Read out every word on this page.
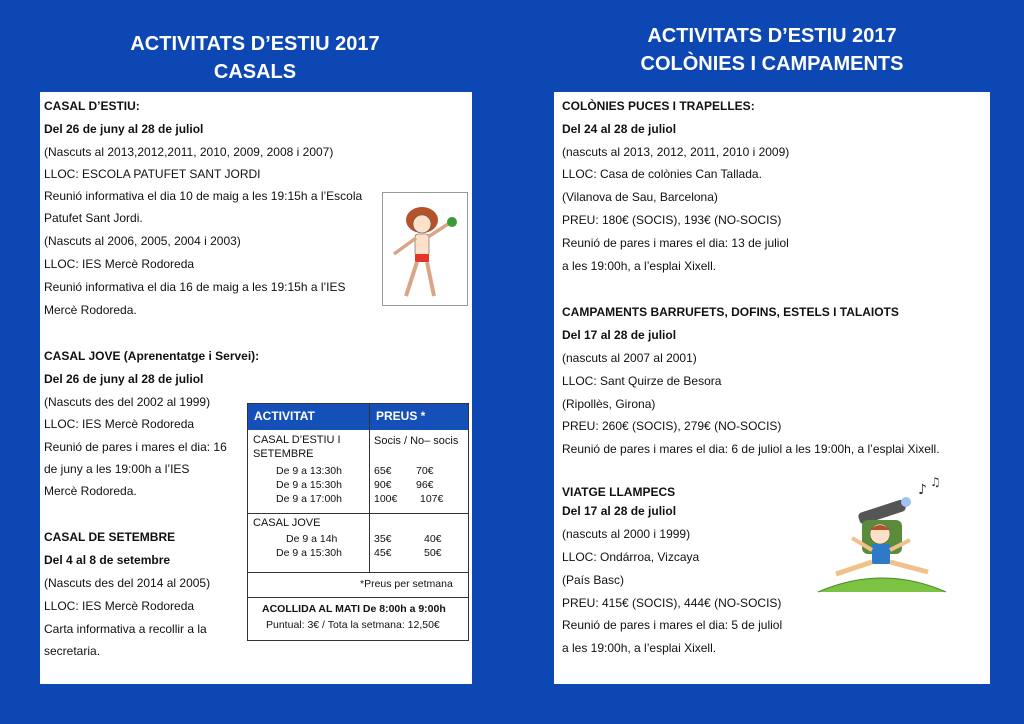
ACTIVITATS D’ESTIU 2017
CASALS
ACTIVITATS D’ESTIU 2017
COLÒNIES I CAMPAMENTS
CASAL D’ESTIU:
Del 26 de juny al 28 de juliol
(Nascuts al 2013,2012,2011, 2010, 2009, 2008 i 2007)
LLOC: ESCOLA PATUFET SANT JORDI
Reunió informativa el dia 10 de maig a les 19:15h a l’Escola
Patufet Sant Jordi.
(Nascuts al 2006, 2005, 2004 i 2003)
LLOC: IES Mercè Rodoreda
Reunió informativa el dia 16 de maig a les 19:15h a l’IES
Mercè Rodoreda.
CASAL JOVE (Aprenentatge i Servei):
Del 26 de juny al 28 de juliol
(Nascuts des del 2002 al 1999)
LLOC: IES Mercè Rodoreda
Reunió de pares i mares el dia: 16
de juny a les 19:00h a l’IES
Mercè Rodoreda.
CASAL DE SETEMBRE
Del 4 al 8 de setembre
(Nascuts des del 2014 al 2005)
LLOC: IES Mercè Rodoreda
Carta informativa a recollir a la
secretaria.
ACTIVITAT	PREUS *
CASAL D’ESTIU I
SETEMBRE
Socis / No– socis
De 9 a 13:30h	65€ 70€
De 9 a 15:30h	90€ 96€
De 9 a 17:00h	100€ 107€
CASAL JOVE
De 9 a 14h	35€	40€
De 9 a 15:30h	45€	50€
*Preus per setmana
ACOLLIDA AL MATI De 8:00h a 9:00h
Puntual: 3€ / Tota la setmana: 12,50€
COLÒNIES PUCES I TRAPELLES:
Del 24 al 28 de juliol
(nascuts al 2013, 2012, 2011, 2010 i 2009)
LLOC: Casa de colònies Can Tallada.
(Vilanova de Sau, Barcelona)
PREU: 180€ (SOCIS), 193€ (NO-SOCIS)
Reunió de pares i mares el dia: 13 de juliol
a les 19:00h, a l’esplai Xixell.
CAMPAMENTS BARRUFETS, DOFINS, ESTELS I TALAIOTS
Del 17 al 28 de juliol
(nascuts al 2007 al 2001)
LLOC: Sant Quirze de Besora
(Ripollès, Girona)
PREU: 260€ (SOCIS), 279€ (NO-SOCIS)
Reunió de pares i mares el dia: 6 de juliol a les 19:00h, a l’esplai Xixell.
VIATGE LLAMPECS
Del 17 al 28 de juliol
(nascuts al 2000 i 1999)
LLOC: Ondárroa, Vizcaya
(País Basc)
PREU: 415€ (SOCIS), 444€ (NO-SOCIS)
Reunió de pares i mares el dia: 5 de juliol
a les 19:00h, a l’esplai Xixell.
♪ ♫
